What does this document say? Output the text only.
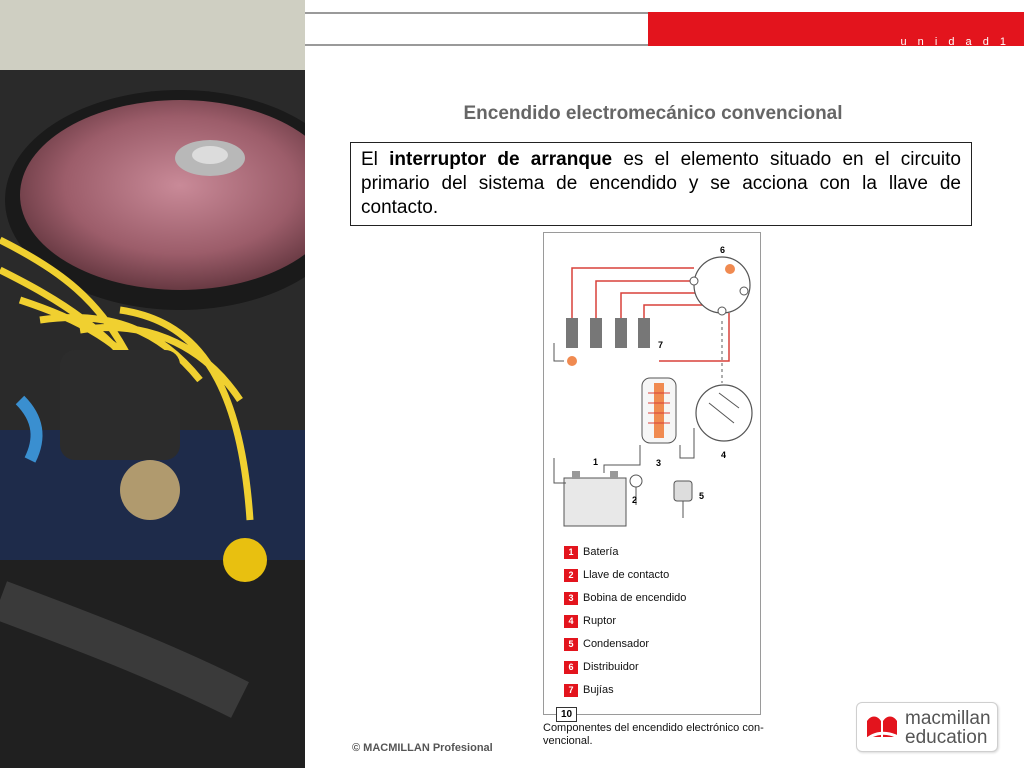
u n i d a d 1
Encendido electromecánico convencional
El interruptor de arranque es el elemento situado en el circuito primario del sistema de encendido y se acciona con la llave de contacto.
6
7
1	3
4
2	5
1 Batería
2 Llave de contacto
3 Bobina de encendido
4 Ruptor
5 Condensador
6 Distribuidor
7 Bujías
10
Componentes del encendido electrónico con-vencional.
© MACMILLAN Profesional
macmillan
education
